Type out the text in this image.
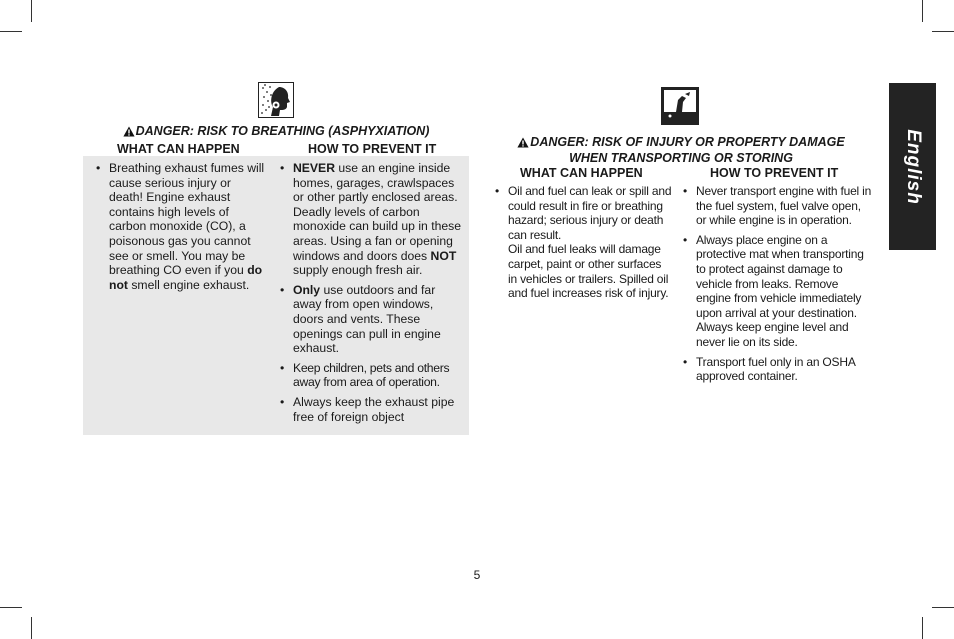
DANGER: RISK TO BREATHING (ASPHYXIATION)
WHAT CAN HAPPEN	HOW TO PREVENT IT
• Breathing exhaust fumes will cause serious injury or death! Engine exhaust contains high levels of carbon monoxide (CO), a poisonous gas you cannot see or smell. You may be breathing CO even if you do not smell engine exhaust.
• NEVER use an engine inside homes, garages, crawlspaces or other partly enclosed areas. Deadly levels of carbon monoxide can build up in these areas. Using a fan or opening windows and doors does NOT supply enough fresh air.
• Only use outdoors and far away from open windows, doors and vents. These openings can pull in engine exhaust.
• Keep children, pets and others away from area of operation.
• Always keep the exhaust pipe free of foreign object
DANGER: RISK OF INJURY OR PROPERTY DAMAGE
WHEN TRANSPORTING OR STORING
WHAT CAN HAPPEN	HOW TO PREVENT IT
• Oil and fuel can leak or spill and could result in fire or breathing hazard; serious injury or death can result.
Oil and fuel leaks will damage carpet, paint or other surfaces in vehicles or trailers. Spilled oil and fuel increases risk of injury.
• Never transport engine with fuel in the fuel system, fuel valve open, or while engine is in operation.
• Always place engine on a protective mat when transporting to protect against damage to vehicle from leaks. Remove engine from vehicle immediately upon arrival at your destination. Always keep engine level and never lie on its side.
• Transport fuel only in an OSHA approved container.
English
5
